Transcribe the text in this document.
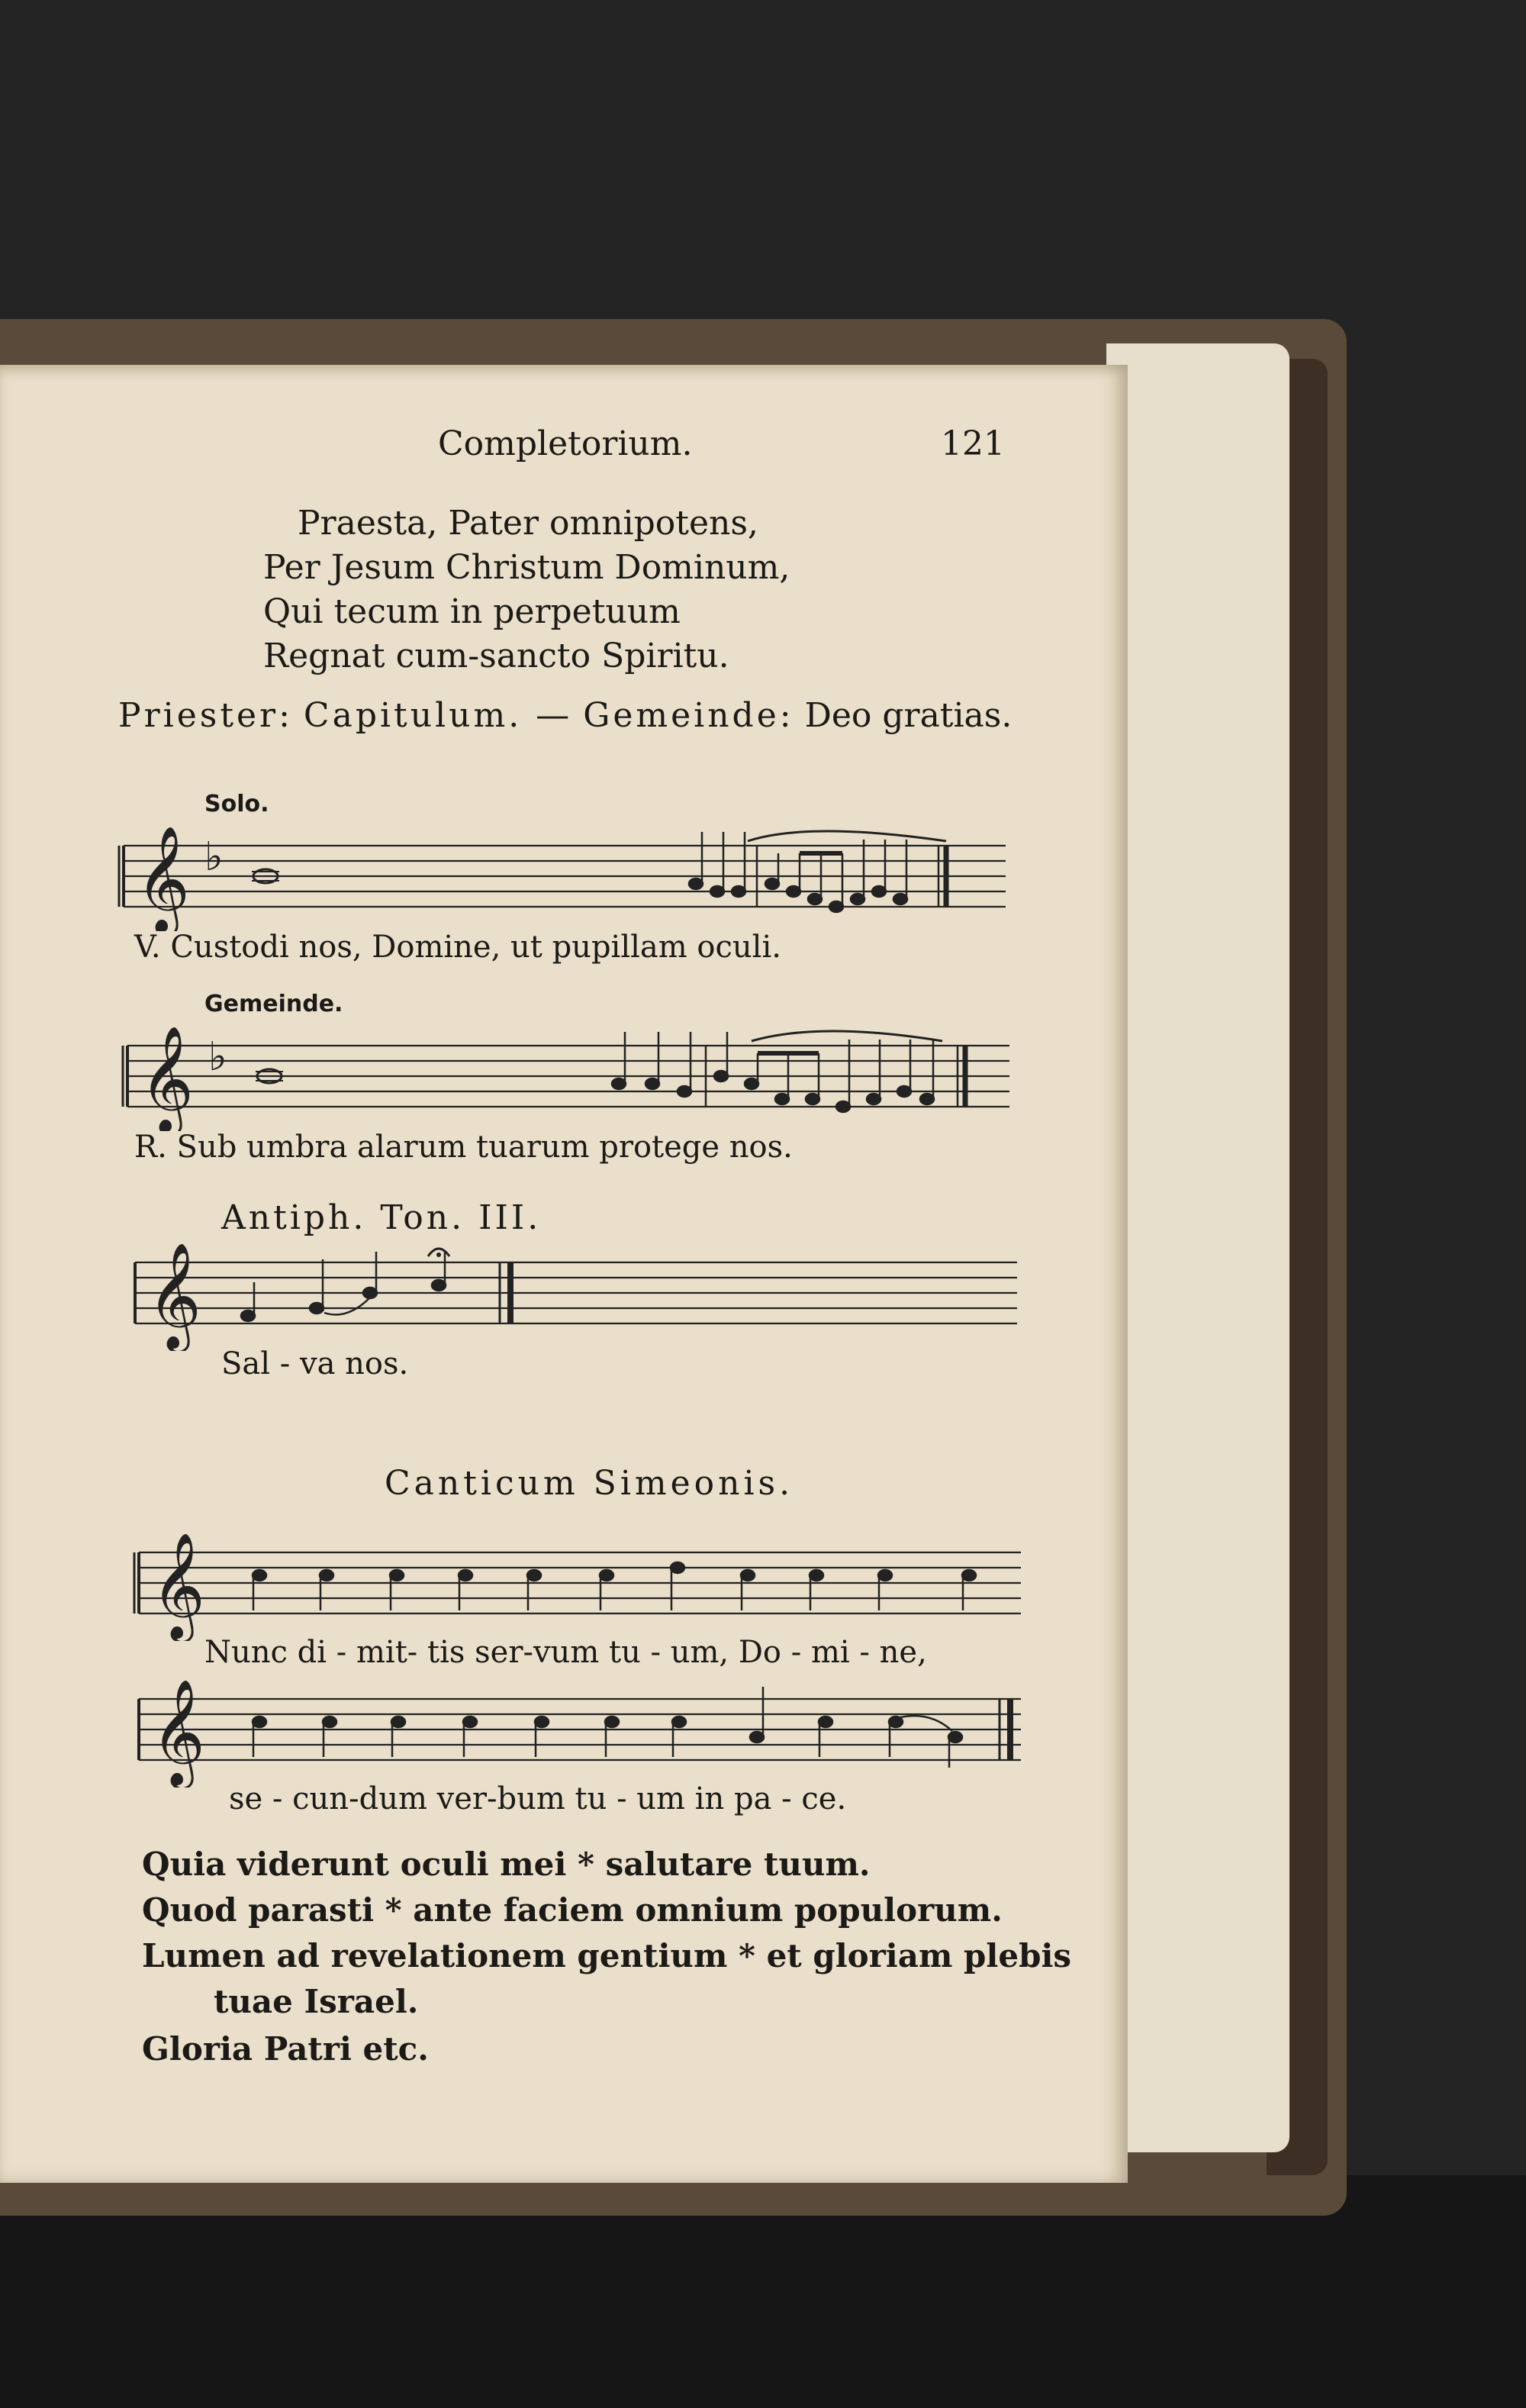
Completorium.	121
Praesta, Pater omnipotens,
Per Jesum Christum Dominum,
Qui tecum in perpetuum
Regnat cum-sancto Spiritu.
Priester: Capitulum. — Gemeinde: Deo gratias.
Solo.
𝄞 ♭
V. Custodi nos, Domine, ut pupillam oculi.
Gemeinde.
𝄞 ♭
R. Sub umbra alarum tuarum protege nos.
Antiph. Ton. III.
𝄞
Sal - va nos.
Canticum Simeonis.
𝄞
Nunc di - mit- tis ser-vum tu - um, Do - mi - ne,
𝄞
se - cun-dum ver-bum tu - um in pa - ce.
Quia viderunt oculi mei * salutare tuum.
Quod parasti * ante faciem omnium populorum.
Lumen ad revelationem gentium * et gloriam plebis
tuae Israel.
Gloria Patri etc.
